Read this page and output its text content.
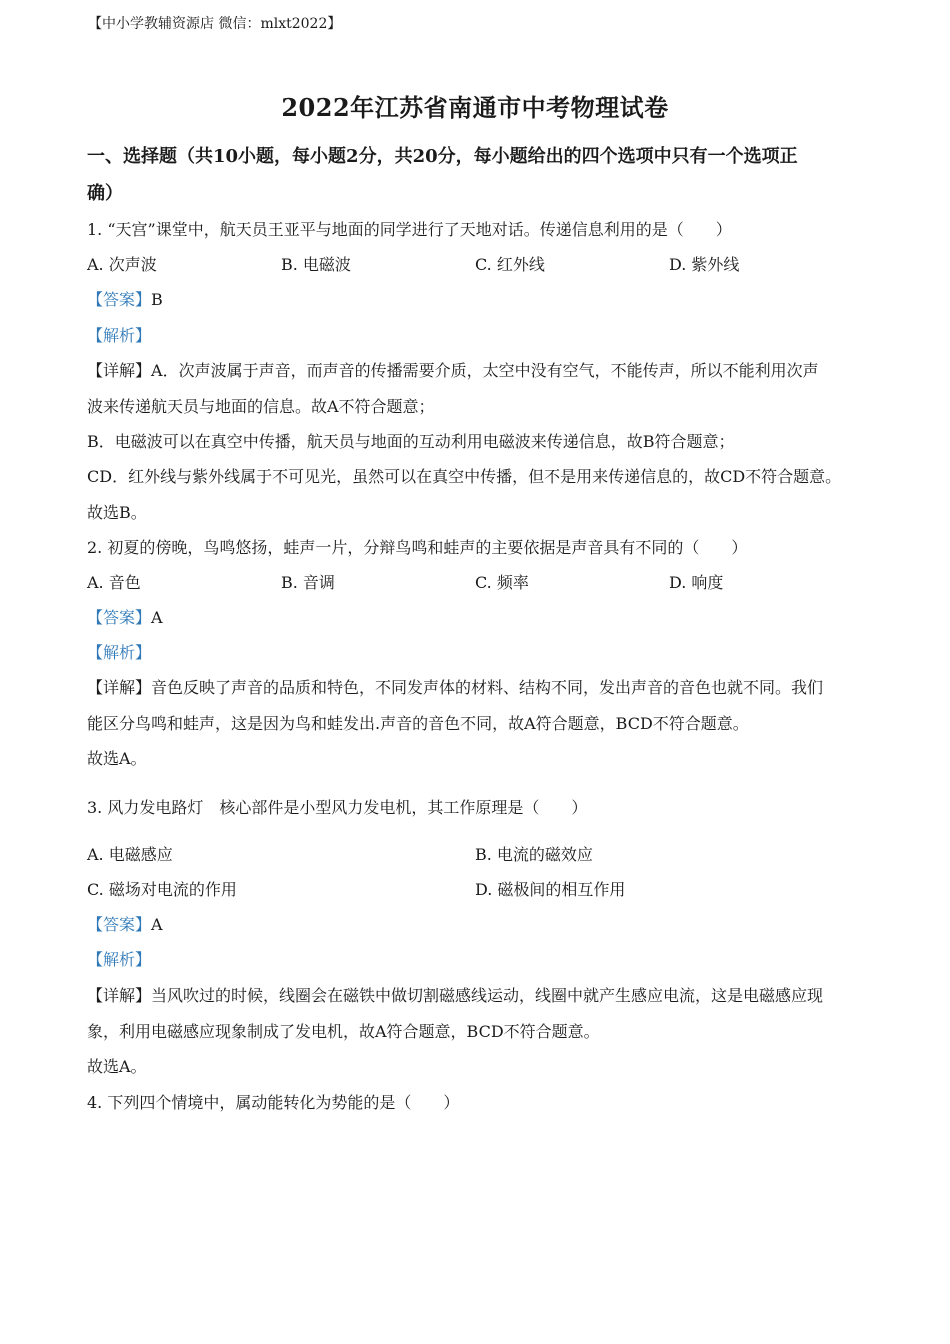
【中小学教辅资源店 微信：mlxt2022】
2022年江苏省南通市中考物理试卷
一、选择题（共10小题，每小题2分，共20分，每小题给出的四个选项中只有一个选项正
确）
1. “天宫”课堂中，航天员王亚平与地面的同学进行了天地对话。传递信息利用的是（　　）
A. 次声波	B. 电磁波	C. 红外线	D. 紫外线
【答案】B
【解析】
【详解】A．次声波属于声音，而声音的传播需要介质，太空中没有空气，不能传声，所以不能利用次声
波来传递航天员与地面的信息。故A不符合题意；
B．电磁波可以在真空中传播，航天员与地面的互动利用电磁波来传递信息，故B符合题意；
CD．红外线与紫外线属于不可见光，虽然可以在真空中传播，但不是用来传递信息的，故CD不符合题意。
故选B。
2. 初夏的傍晚，鸟鸣悠扬，蛙声一片，分辩鸟鸣和蛙声的主要依据是声音具有不同的（　　）
A. 音色	B. 音调	C. 频率	D. 响度
【答案】A
【解析】
【详解】音色反映了声音的品质和特色，不同发声体的材料、结构不同，发出声音的音色也就不同。我们
能区分鸟鸣和蛙声，这是因为鸟和蛙发出.声音的音色不同，故A符合题意，BCD不符合题意。
故选A。
3. 风力发电路灯　核心部件是小型风力发电机，其工作原理是（　　）
A. 电磁感应	B. 电流的磁效应
C. 磁场对电流的作用	D. 磁极间的相互作用
【答案】A
【解析】
【详解】当风吹过的时候，线圈会在磁铁中做切割磁感线运动，线圈中就产生感应电流，这是电磁感应现
象，利用电磁感应现象制成了发电机，故A符合题意，BCD不符合题意。
故选A。
4. 下列四个情境中，属动能转化为势能的是（　　）
